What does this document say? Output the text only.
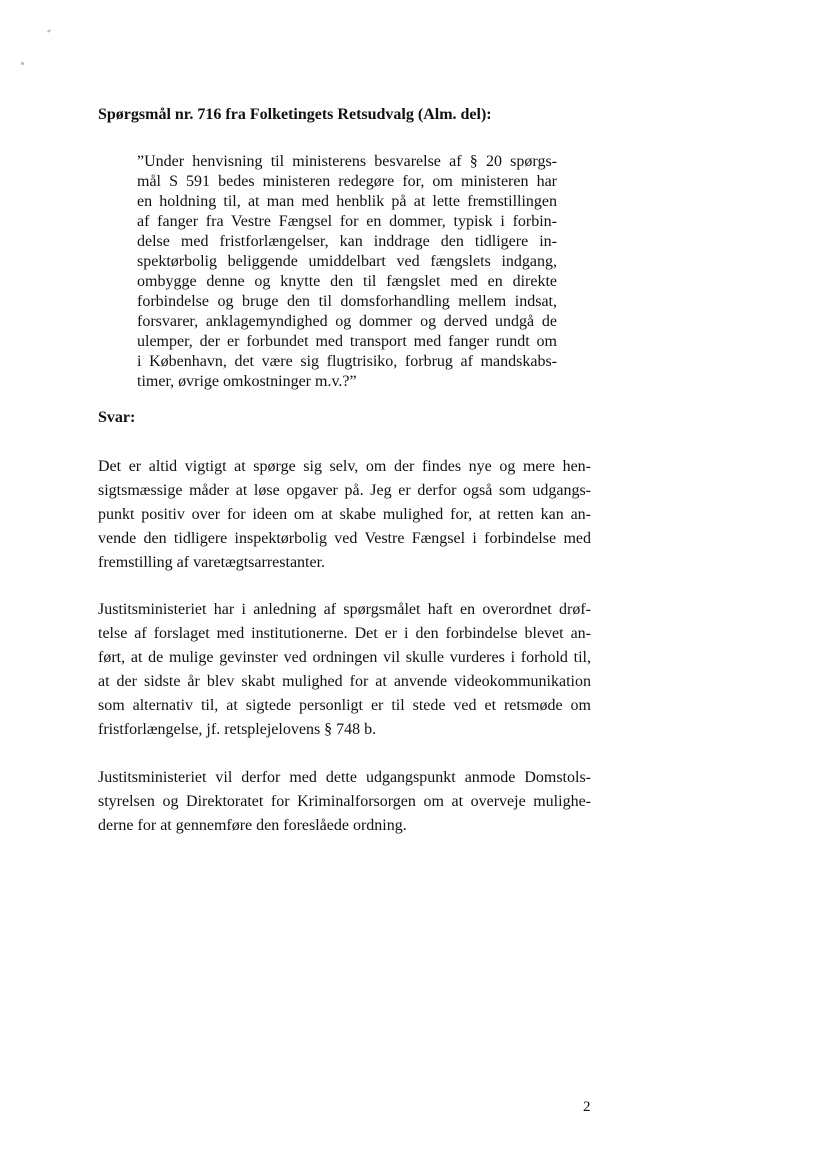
Spørgsmål nr. 716 fra Folketingets Retsudvalg (Alm. del):
”Under henvisning til ministerens besvarelse af § 20 spørgs-
mål S 591 bedes ministeren redegøre for, om ministeren har
en holdning til, at man med henblik på at lette fremstillingen
af fanger fra Vestre Fængsel for en dommer, typisk i forbin-
delse med fristforlængelser, kan inddrage den tidligere in-
spektørbolig beliggende umiddelbart ved fængslets indgang,
ombygge denne og knytte den til fængslet med en direkte
forbindelse og bruge den til domsforhandling mellem indsat,
forsvarer, anklagemyndighed og dommer og derved undgå de
ulemper, der er forbundet med transport med fanger rundt om
i København, det være sig flugtrisiko, forbrug af mandskabs-
timer, øvrige omkostninger m.v.?”
Svar:
Det er altid vigtigt at spørge sig selv, om der findes nye og mere hen-
sigtsmæssige måder at løse opgaver på. Jeg er derfor også som udgangs-
punkt positiv over for ideen om at skabe mulighed for, at retten kan an-
vende den tidligere inspektørbolig ved Vestre Fængsel i forbindelse med
fremstilling af varetægtsarrestanter.
Justitsministeriet har i anledning af spørgsmålet haft en overordnet drøf-
telse af forslaget med institutionerne. Det er i den forbindelse blevet an-
ført, at de mulige gevinster ved ordningen vil skulle vurderes i forhold til,
at der sidste år blev skabt mulighed for at anvende videokommunikation
som alternativ til, at sigtede personligt er til stede ved et retsmøde om
fristforlængelse, jf. retsplejelovens § 748 b.
Justitsministeriet vil derfor med dette udgangspunkt anmode Domstols-
styrelsen og Direktoratet for Kriminalforsorgen om at overveje mulighe-
derne for at gennemføre den foreslåede ordning.
2
